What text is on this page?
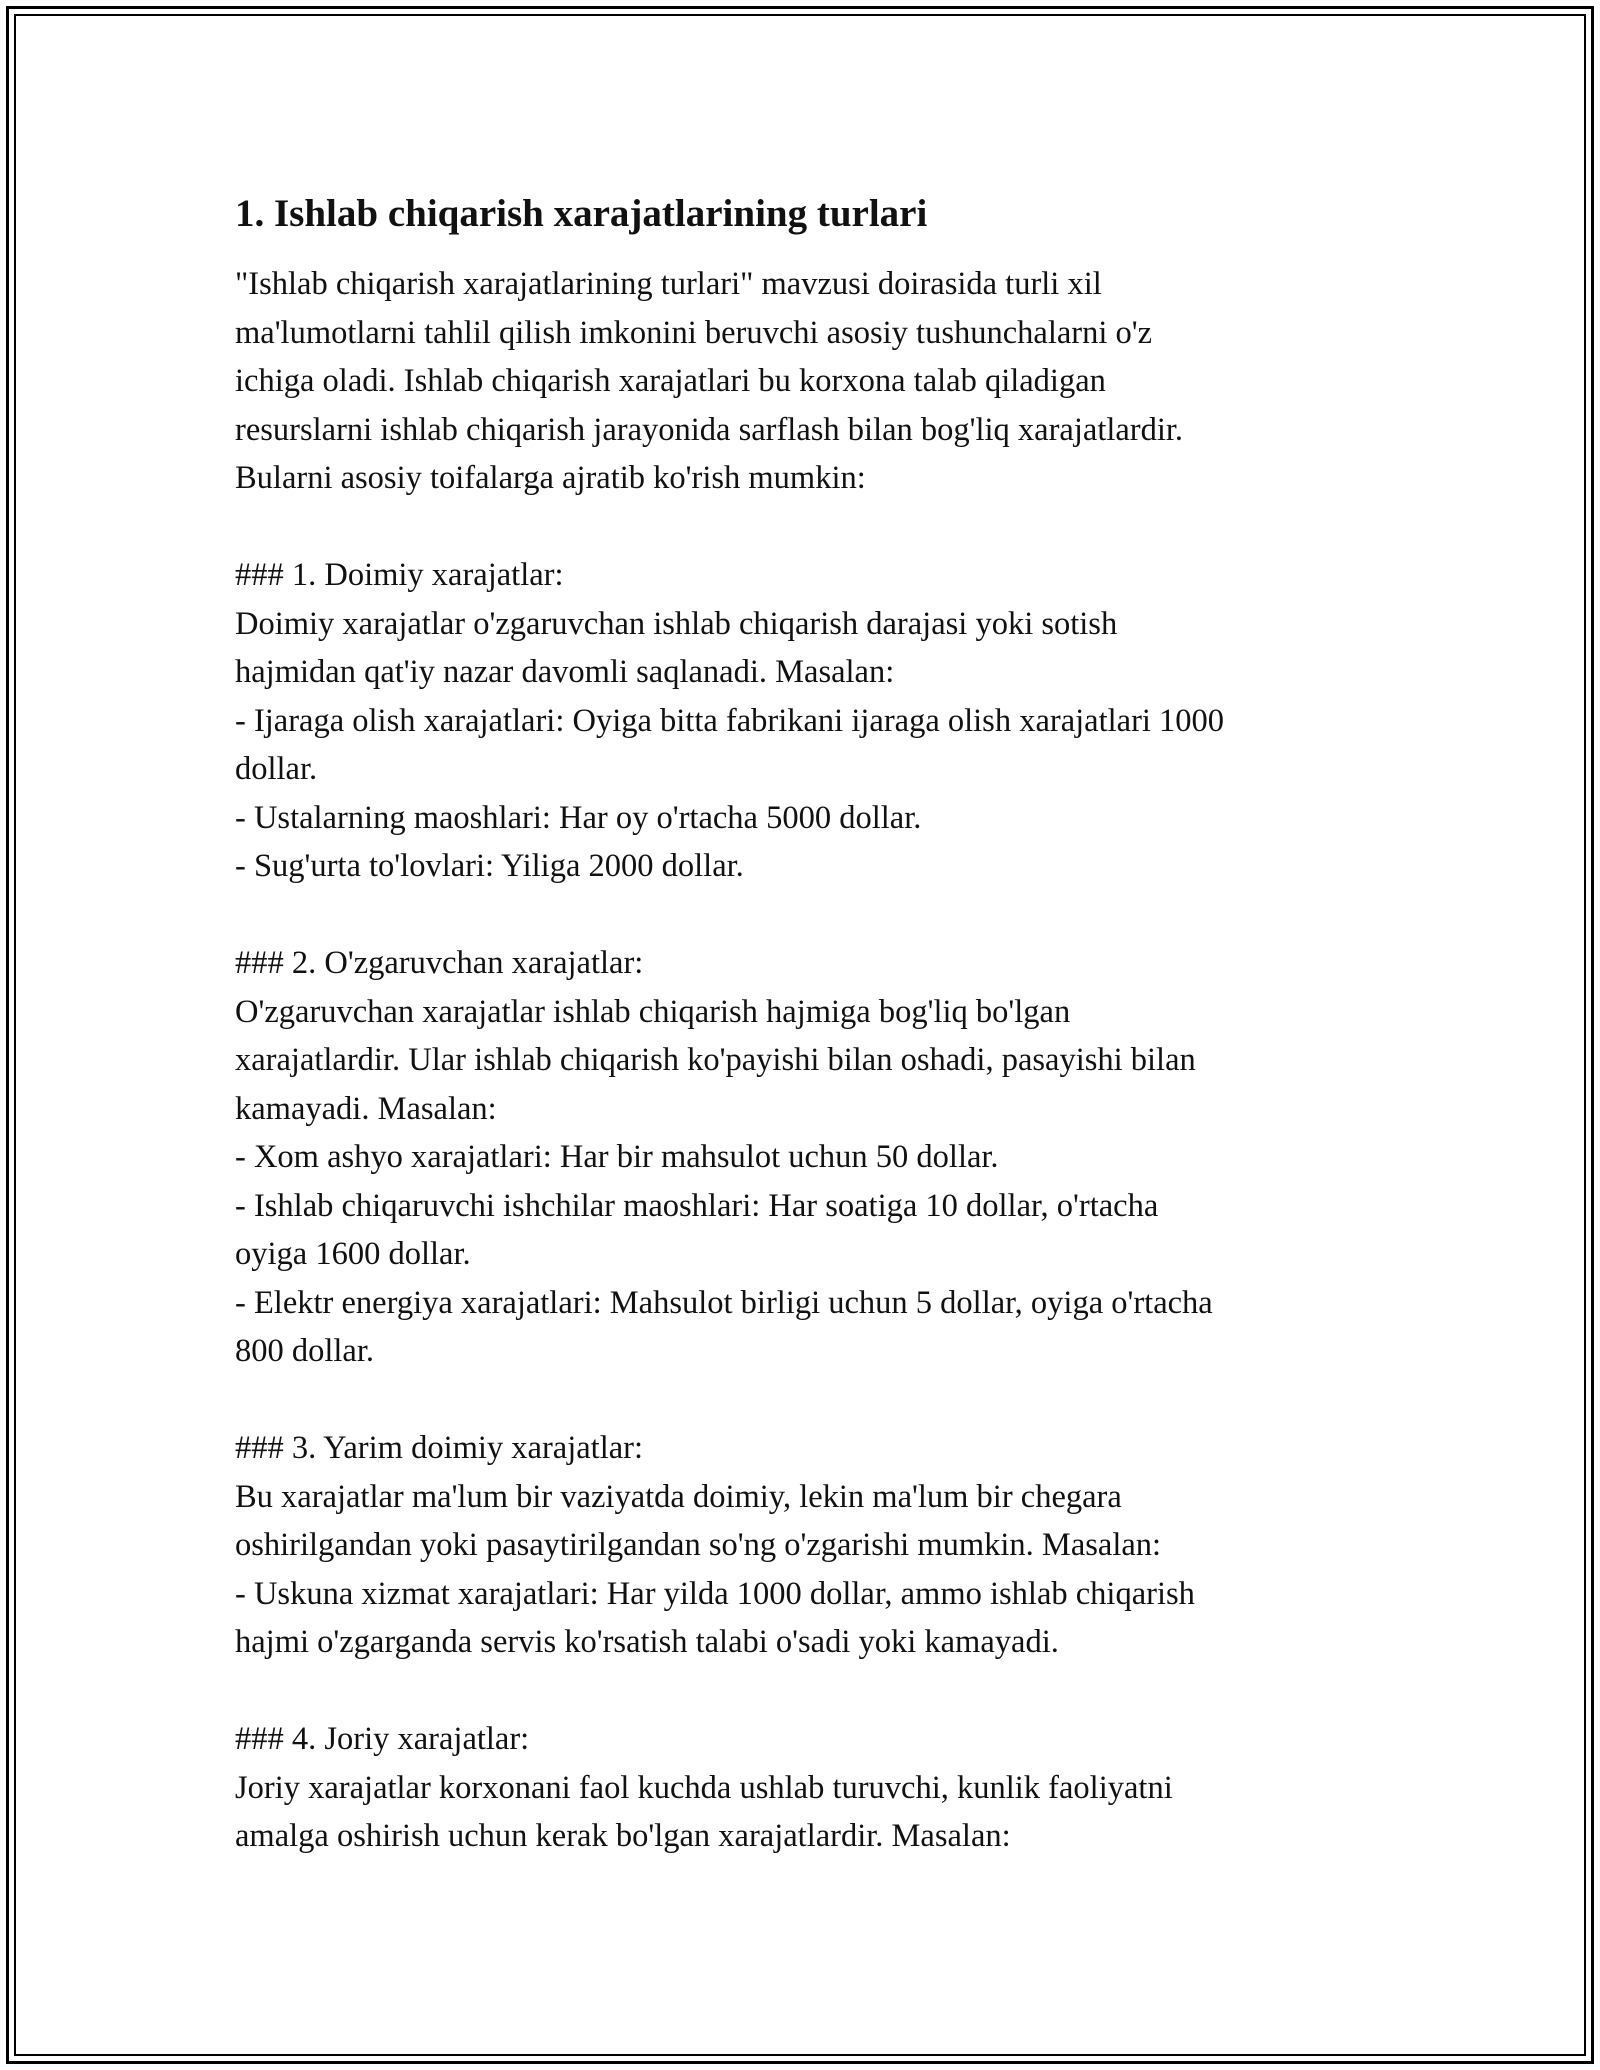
1. Ishlab chiqarish xarajatlarining turlari

"Ishlab chiqarish xarajatlarining turlari" mavzusi doirasida turli xil
ma'lumotlarni tahlil qilish imkonini beruvchi asosiy tushunchalarni o'z
ichiga oladi. Ishlab chiqarish xarajatlari bu korxona talab qiladigan
resurslarni ishlab chiqarish jarayonida sarflash bilan bog'liq xarajatlardir.
Bularni asosiy toifalarga ajratib ko'rish mumkin:

### 1. Doimiy xarajatlar:
Doimiy xarajatlar o'zgaruvchan ishlab chiqarish darajasi yoki sotish
hajmidan qat'iy nazar davomli saqlanadi. Masalan:
- Ijaraga olish xarajatlari: Oyiga bitta fabrikani ijaraga olish xarajatlari 1000
dollar.
- Ustalarning maoshlari: Har oy o'rtacha 5000 dollar.
- Sug'urta to'lovlari: Yiliga 2000 dollar.

### 2. O'zgaruvchan xarajatlar:
O'zgaruvchan xarajatlar ishlab chiqarish hajmiga bog'liq bo'lgan
xarajatlardir. Ular ishlab chiqarish ko'payishi bilan oshadi, pasayishi bilan
kamayadi. Masalan:
- Xom ashyo xarajatlari: Har bir mahsulot uchun 50 dollar.
- Ishlab chiqaruvchi ishchilar maoshlari: Har soatiga 10 dollar, o'rtacha
oyiga 1600 dollar.
- Elektr energiya xarajatlari: Mahsulot birligi uchun 5 dollar, oyiga o'rtacha
800 dollar.

### 3. Yarim doimiy xarajatlar:
Bu xarajatlar ma'lum bir vaziyatda doimiy, lekin ma'lum bir chegara
oshirilgandan yoki pasaytirilgandan so'ng o'zgarishi mumkin. Masalan:
- Uskuna xizmat xarajatlari: Har yilda 1000 dollar, ammo ishlab chiqarish
hajmi o'zgarganda servis ko'rsatish talabi o'sadi yoki kamayadi.

### 4. Joriy xarajatlar:
Joriy xarajatlar korxonani faol kuchda ushlab turuvchi, kunlik faoliyatni
amalga oshirish uchun kerak bo'lgan xarajatlardir. Masalan:
